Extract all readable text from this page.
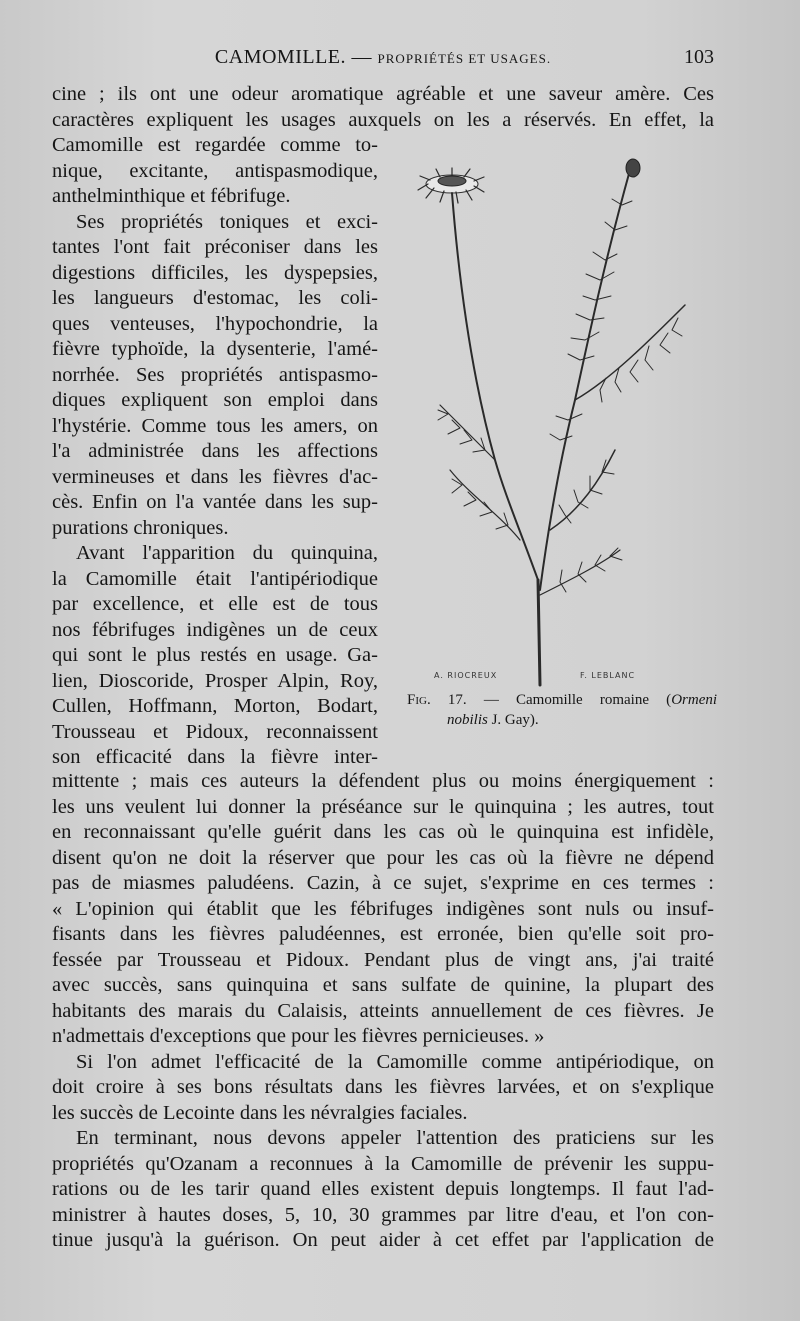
CAMOMILLE. — PROPRIÉTÉS ET USAGES.	103
cine ; ils ont une odeur aromatique agréable et une saveur amère. Ces
caractères expliquent les usages auxquels on les a réservés. En effet, la
Camomille est regardée comme to-
nique, excitante, antispasmodique,
anthelminthique et fébrifuge.
Ses propriétés toniques et exci-
tantes l'ont fait préconiser dans les
digestions difficiles, les dyspepsies,
les langueurs d'estomac, les coli-
ques venteuses, l'hypochondrie, la
fièvre typhoïde, la dysenterie, l'amé-
norrhée. Ses propriétés antispasmo-
diques expliquent son emploi dans
l'hystérie. Comme tous les amers, on
l'a administrée dans les affections
vermineuses et dans les fièvres d'ac-
cès. Enfin on l'a vantée dans les sup-
purations chroniques.
Avant l'apparition du quinquina,
la Camomille était l'antipériodique
par excellence, et elle est de tous
nos fébrifuges indigènes un de ceux
qui sont le plus restés en usage. Ga-
lien, Dioscoride, Prosper Alpin, Roy,
Cullen, Hoffmann, Morton, Bodart,
Trousseau et Pidoux, reconnaissent
son efficacité dans la fièvre inter-
A. RIOCREUX	F. LEBLANC
Fig. 17. — Camomille romaine (Ormeni nobilis J. Gay).
mittente ; mais ces auteurs la défendent plus ou moins énergiquement :
les uns veulent lui donner la préséance sur le quinquina ; les autres, tout
en reconnaissant qu'elle guérit dans les cas où le quinquina est infidèle,
disent qu'on ne doit la réserver que pour les cas où la fièvre ne dépend
pas de miasmes paludéens. Cazin, à ce sujet, s'exprime en ces termes :
« L'opinion qui établit que les fébrifuges indigènes sont nuls ou insuf-
fisants dans les fièvres paludéennes, est erronée, bien qu'elle soit pro-
fessée par Trousseau et Pidoux. Pendant plus de vingt ans, j'ai traité
avec succès, sans quinquina et sans sulfate de quinine, la plupart des
habitants des marais du Calaisis, atteints annuellement de ces fièvres. Je
n'admettais d'exceptions que pour les fièvres pernicieuses. »
Si l'on admet l'efficacité de la Camomille comme antipériodique, on
doit croire à ses bons résultats dans les fièvres larvées, et on s'explique
les succès de Lecointe dans les névralgies faciales.
En terminant, nous devons appeler l'attention des praticiens sur les
propriétés qu'Ozanam a reconnues à la Camomille de prévenir les suppu-
rations ou de les tarir quand elles existent depuis longtemps. Il faut l'ad-
ministrer à hautes doses, 5, 10, 30 grammes par litre d'eau, et l'on con-
tinue jusqu'à la guérison. On peut aider à cet effet par l'application de
